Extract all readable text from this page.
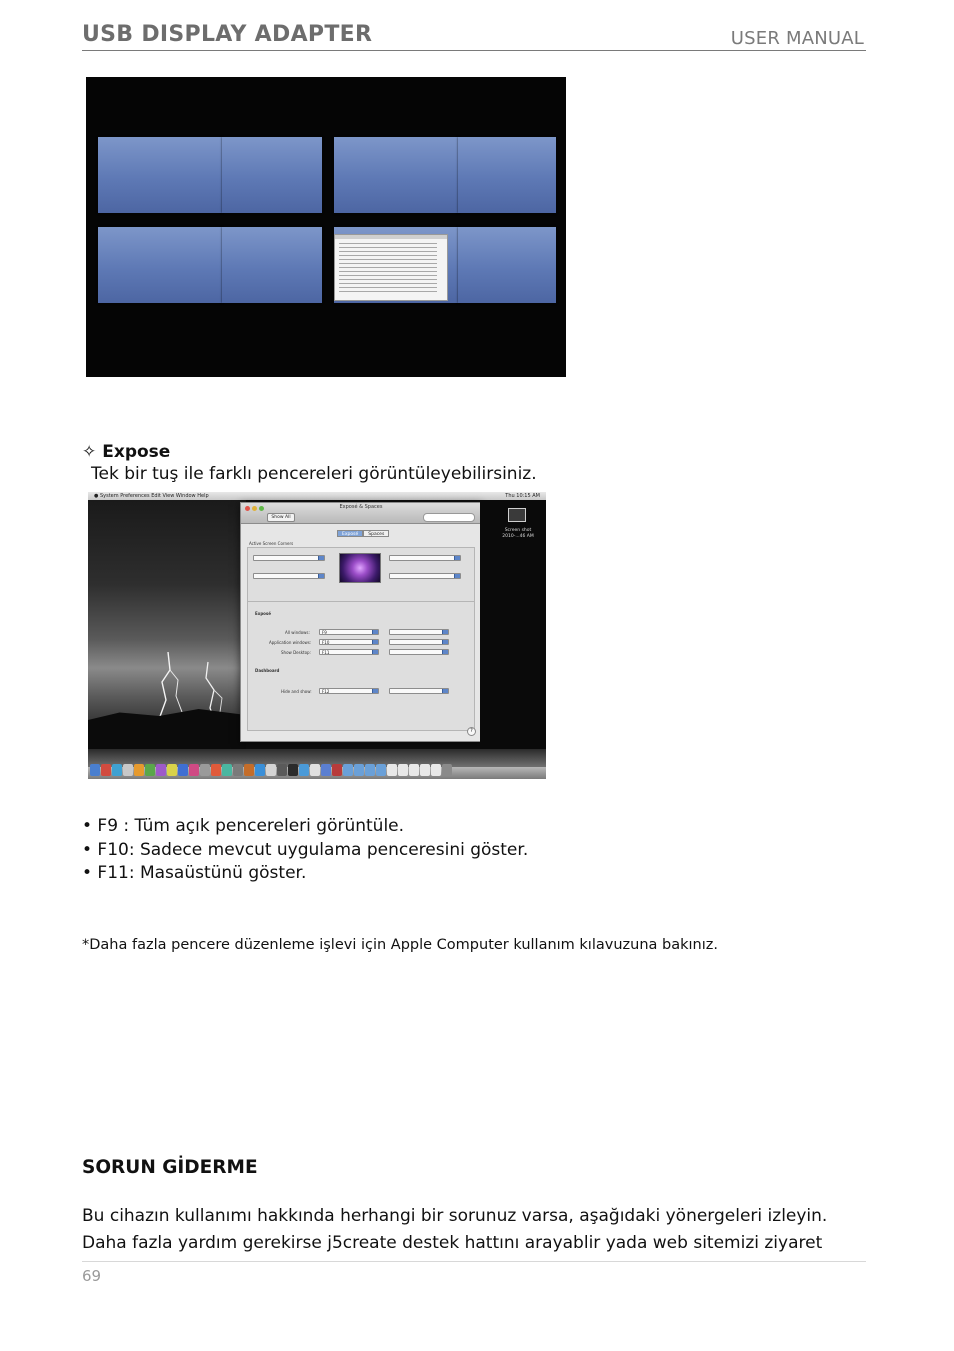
USB DISPLAY ADAPTER	USER MANUAL
✧ Expose
Tek bir tuş ile farklı pencereleri görüntüleyebilirsiniz.
● System Preferences Edit View Window Help	Thu 10:15 AM
Exposé & Spaces
Show All
Exposé	Spaces
Active Screen Corners
Exposé
All windows:	F9
Application windows:	F10
Show Desktop:	F11
Dashboard
Hide and show:	F12
?
Screen shot 2010-...46 AM
• F9 : Tüm açık pencereleri görüntüle.
• F10: Sadece mevcut uygulama penceresini göster.
• F11: Masaüstünü göster.
*Daha fazla pencere düzenleme işlevi için Apple Computer kullanım kılavuzuna bakınız.
SORUN GİDERME
Bu cihazın kullanımı hakkında herhangi bir sorunuz varsa, aşağıdaki yönergeleri izleyin.
Daha fazla yardım gerekirse j5create destek hattını arayablir yada web sitemizi ziyaret
69
